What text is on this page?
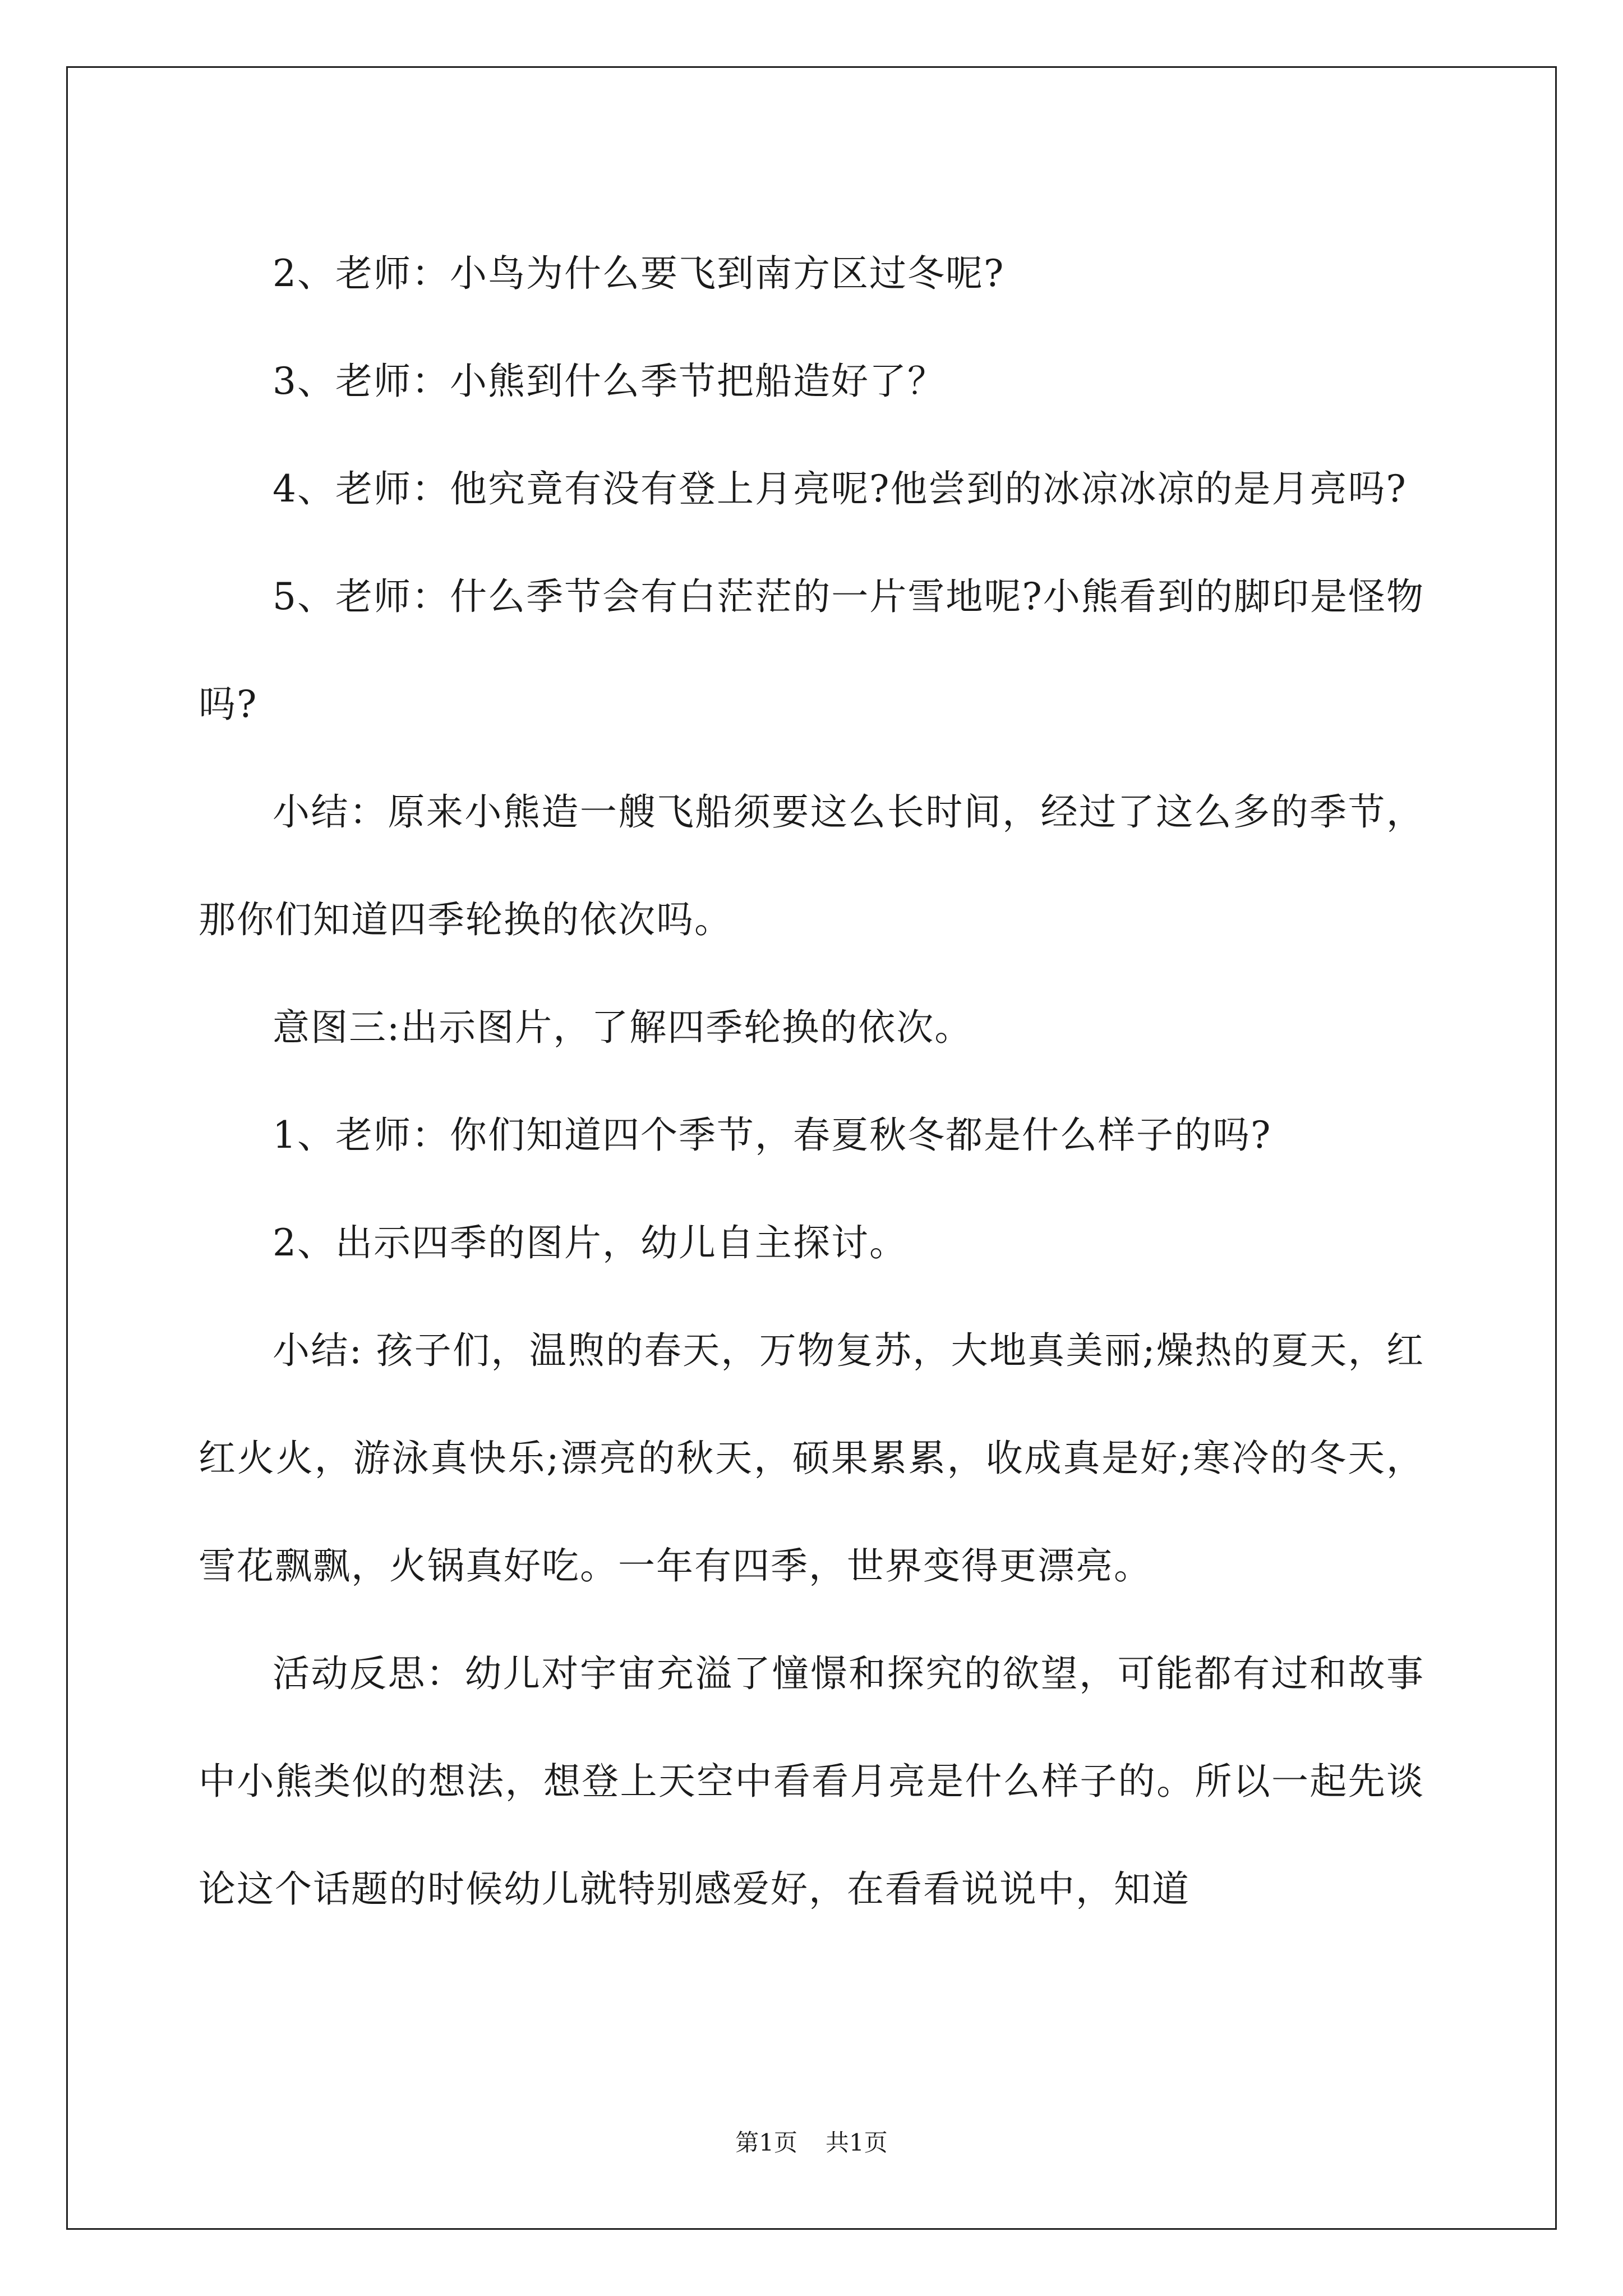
2、老师：小鸟为什么要飞到南方区过冬呢?

3、老师：小熊到什么季节把船造好了？

4、老师：他究竟有没有登上月亮呢?他尝到的冰凉冰凉的是月亮吗?

5、老师：什么季节会有白茫茫的一片雪地呢?小熊看到的脚印是怪物吗?

小结：原来小熊造一艘飞船须要这么长时间，经过了这么多的季节，那你们知道四季轮换的依次吗。

意图三:出示图片，了解四季轮换的依次。

1、老师：你们知道四个季节，春夏秋冬都是什么样子的吗?

2、出示四季的图片，幼儿自主探讨。

小结: 孩子们，温煦的春天，万物复苏，大地真美丽;燥热的夏天，红红火火，游泳真快乐;漂亮的秋天，硕果累累，收成真是好;寒冷的冬天，雪花飘飘，火锅真好吃。一年有四季，世界变得更漂亮。

活动反思：幼儿对宇宙充溢了憧憬和探究的欲望，可能都有过和故事中小熊类似的想法，想登上天空中看看月亮是什么样子的。所以一起先谈论这个话题的时候幼儿就特别感爱好，在看看说说中，知道

第1页 共1页
